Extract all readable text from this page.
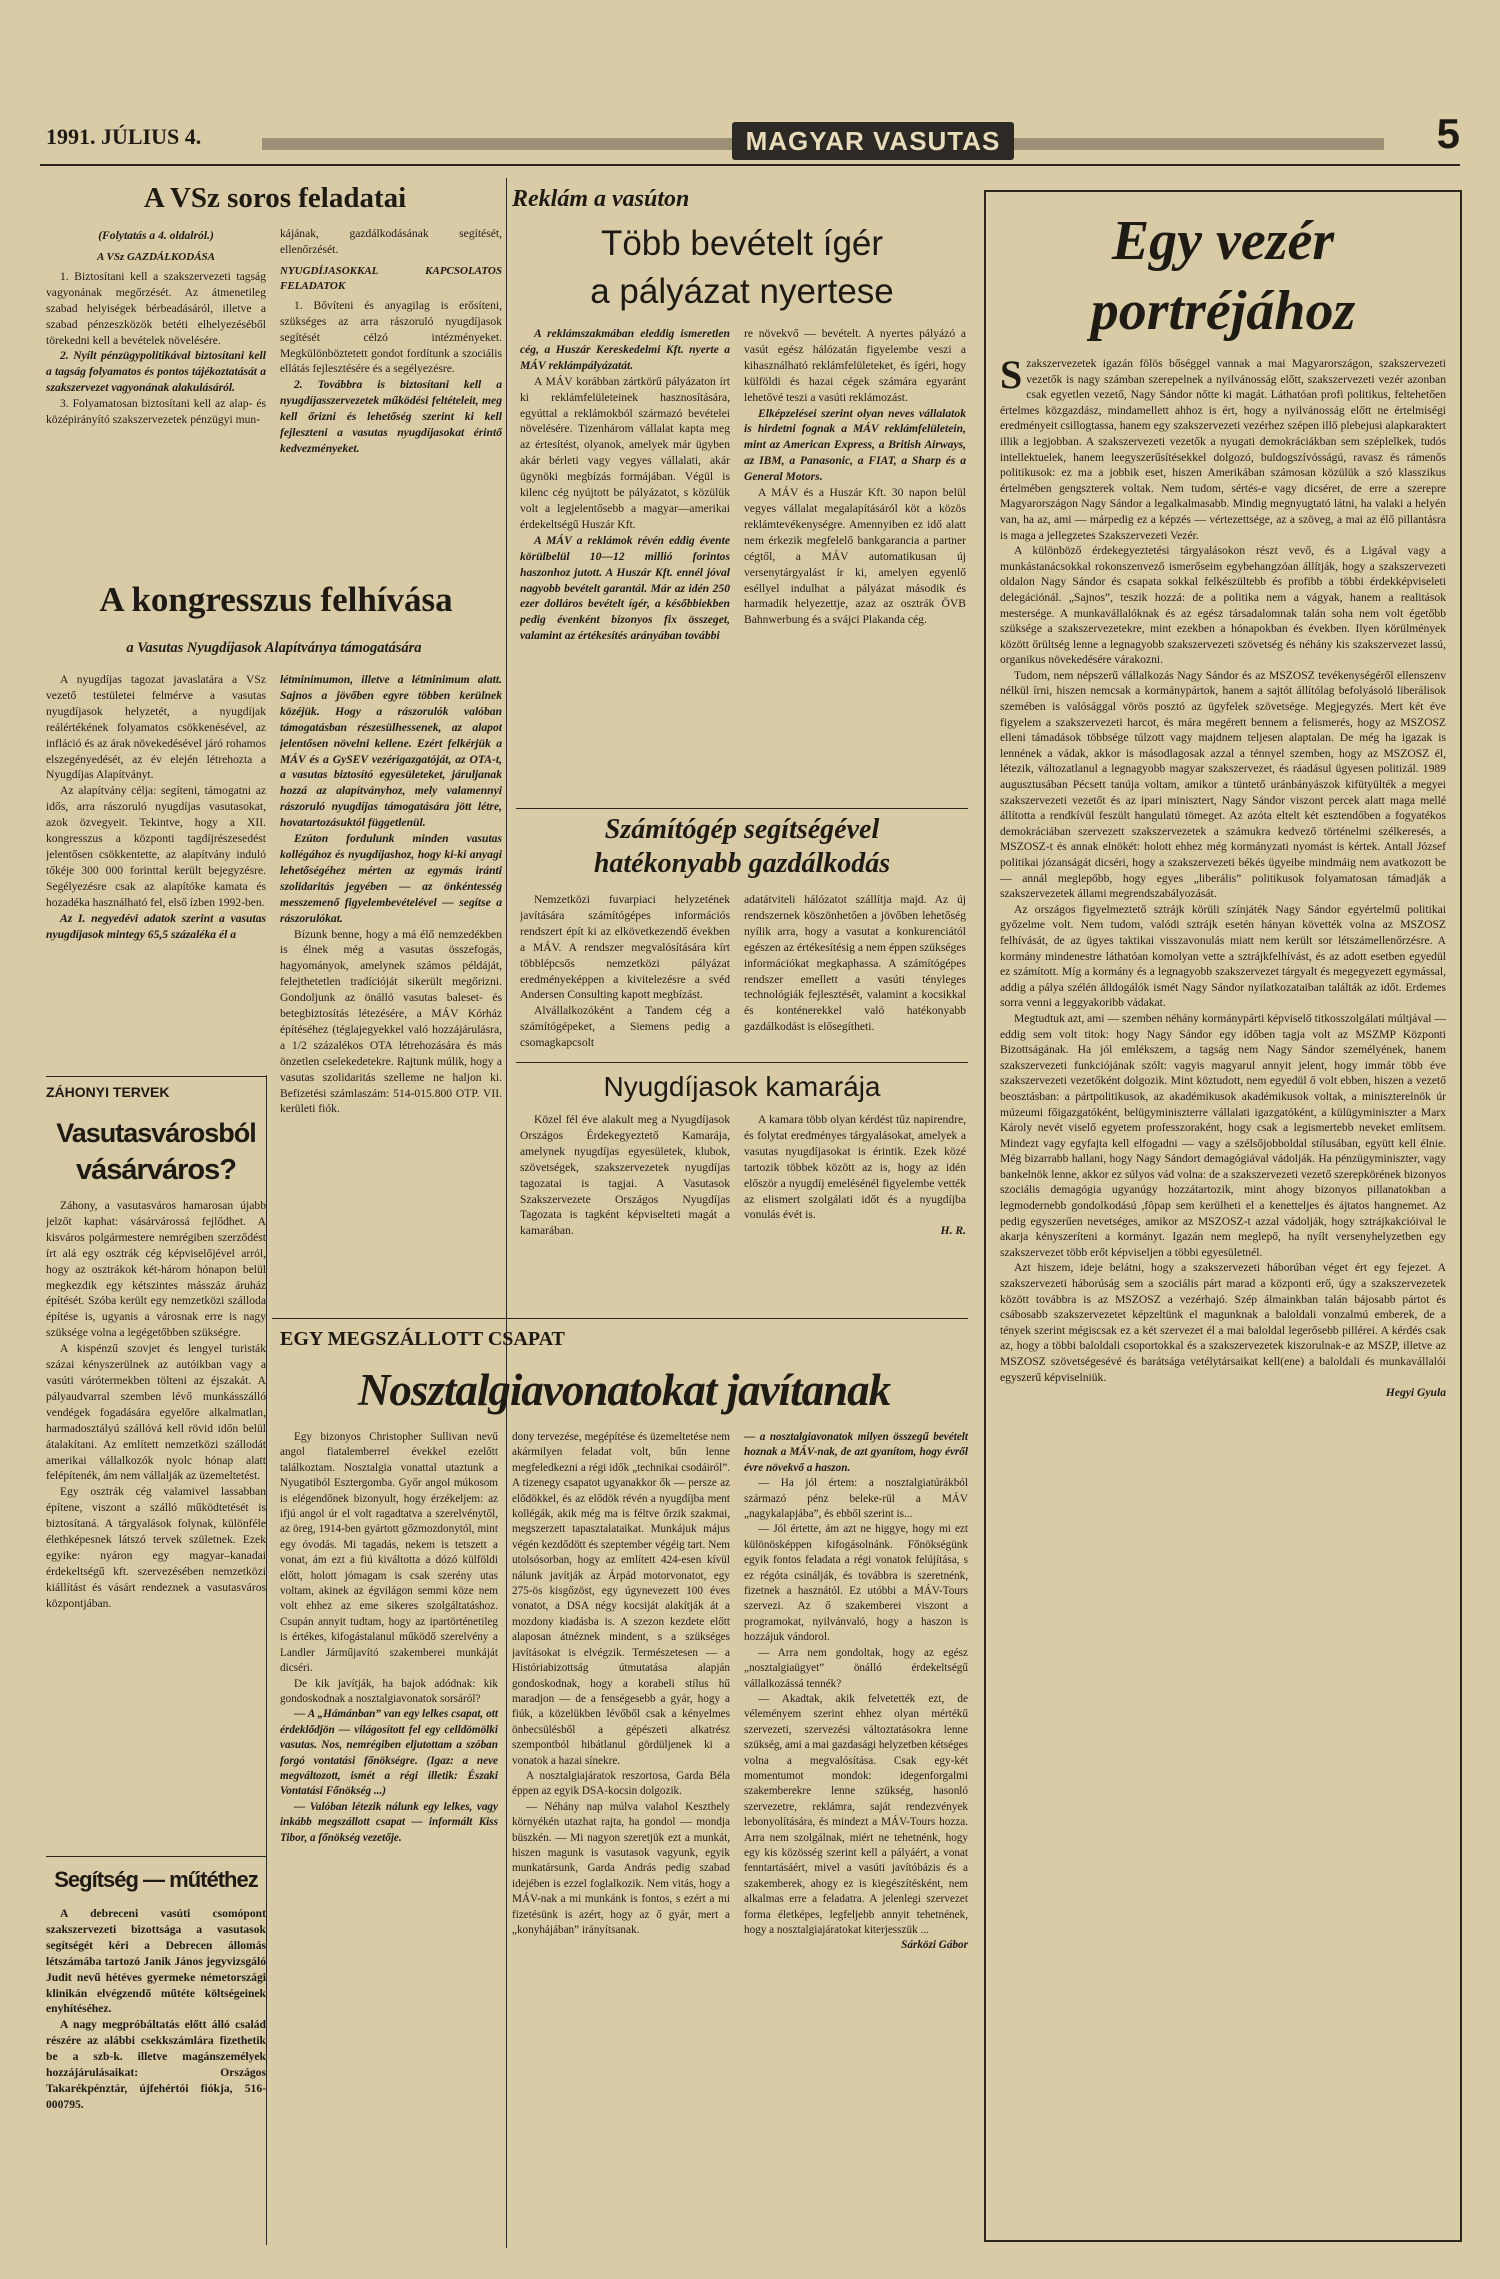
1991. JÚLIUS 4.	MAGYAR VASUTAS	5
A VSz soros feladatai
(Folytatás a 4. oldalról.)
A VSz GAZDÁLKODÁSA

1. Biztosítani kell a szakszervezeti tagság vagyonának megőrzését. Az átmenetileg szabad helyiségek bérbeadásáról, illetve a szabad pénzeszközök betéti elhelyezéséből törekedni kell a bevételek növelésére.

2. Nyílt pénzügypolitikával biztosítani kell a tagság folyamatos és pontos tájékoztatását a szakszervezet vagyonának alakulásáról.

3. Folyamatosan biztosítani kell az alap- és középirányító szakszervezetek pénzügyi mun-

kájának, gazdálkodásának segítését, ellenőrzését.

NYUGDÍJASOKKAL KAPCSOLATOS FELADATOK

1. Bővíteni és anyagilag is erősíteni, szükséges az arra rászoruló nyugdíjasok segítését célzó intézményeket. Megkülönböztetett gondot fordítunk a szociális ellátás fejlesztésére és a segélyezésre.

2. Továbbra is biztosítani kell a nyugdíjasszervezetek működési feltételeit, meg kell őrizni és lehetőség szerint ki kell fejleszteni a vasutas nyugdíjasokat érintő kedvezményeket.

A kongresszus felhívása
a Vasutas Nyugdíjasok Alapítványa támogatására

A nyugdíjas tagozat javaslatára a VSz vezető testületei felmérve a vasutas nyugdíjasok helyzetét, a nyugdíjak reálértékének folyamatos csökkenésével, az infláció és az árak növekedésével járó rohamos elszegényedését, az év elején létrehozta a Nyugdíjas Alapítványt.

Az alapítvány célja: segíteni, támogatni az idős, arra rászoruló nyugdíjas vasutasokat, azok özvegyeit. Tekintve, hogy a XII. kongresszus a központi tagdíjrészesedést jelentősen csökkentette, az alapítvány induló tőkéje 300 000 forinttal került bejegyzésre. Segélyezésre csak az alapítóke kamata és hozadéka használható fel, első ízben 1992-ben.

Az I. negyedévi adatok szerint a vasutas nyugdíjasok mintegy 65,5 százaléka él a

létminimumon, illetve a létminimum alatt. Sajnos a jövőben egyre többen kerülnek közéjük. Hogy a rászorulók valóban támogatásban részesülhessenek, az alapot jelentősen növelni kellene. Ezért felkérjük a MÁV és a GySEV vezérigazgatóját, az OTA-t, a vasutas biztosító egyesületeket, járuljanak hozzá az alapítványhoz, mely valamennyi rászoruló nyugdíjas támogatására jött létre, hovatartozásuktól függetlenül.

Ezúton fordulunk minden vasutas kollégához és nyugdíjashoz, hogy ki-ki anyagi lehetőségéhez mérten az egymás iránti szolidaritás jegyében — az önkéntesség messzemenő figyelembevételével — segítse a rászorulókat.

Bízunk benne, hogy a má élő nemzedékben is élnek még a vasutas összefogás, hagyományok, amelynek számos példáját, felejthetetlen tradícióját sikerült megőrizni. Gondoljunk az önálló vasutas baleset- és betegbiztosítás létezésére, a MÁV Kórház építéséhez (téglajegyekkel való hozzájárulásra, a 1/2 százalékos OTA létrehozására és más önzetlen cselekedetekre. Rajtunk múlik, hogy a vasutas szolidaritás szelleme ne haljon ki. Befizetési számlaszám: 514-015.800 OTP. VII. kerületi fiók.

ZÁHONYI TERVEK
Vasutasvárosból
vásárváros?

Záhony, a vasutasváros hamarosan újabb jelzőt kaphat: vásárvárossá fejlődhet. A kisváros polgármestere nemrégiben szerződést írt alá egy osztrák cég képviselőjével arról, hogy az osztrákok két-három hónapon belül megkezdik egy kétszintes másszáz áruház építését. Szóba került egy nemzetközi szálloda építése is, ugyanis a városnak erre is nagy szüksége volna a legégetőbben szükségre.

A kispénzű szovjet és lengyel turisták százai kényszerülnek az autóikban vagy a vasúti várótermekben tölteni az éjszakát. A pályaudvarral szemben lévő munkásszálló vendégek fogadására egyelőre alkalmatlan, harmadosztályú szállóvá kell rövid időn belül átalakítani. Az említett nemzetközi szállodát amerikai vállalkozók nyolc hónap alatt felépítenék, ám nem vállalják az üzemeltetést.

Egy osztrák cég valamivel lassabban építene, viszont a szálló működtetését is biztosítaná. A tárgyalások folynak, különféle élethképesnek látszó tervek születnek. Ezek egyike: nyáron egy magyar–kanadai érdekeltségű kft. szervezésében nemzetközi kiállítást és vásárt rendeznek a vasutasváros központjában.

Segítség — műtéthez

A debreceni vasúti csomópont szakszervezeti bizottsága a vasutasok segítségét kéri a Debrecen állomás létszámába tartozó Janik János jegyvizsgáló Judit nevű hétéves gyermeke németországi klinikán elvégzendő műtéte költségeinek enyhítéséhez.

A nagy megpróbáltatás előtt álló család részére az alábbi csekkszámlára fizethetik be a szb-k. illetve magánszemélyek hozzájárulásaikat: Országos Takarékpénztár, újfehértói fiókja, 516-000795.

Reklám a vasúton
Több bevételt ígér
a pályázat nyertese

A reklámszakmában eleddig ismeretlen cég, a Huszár Kereskedelmi Kft. nyerte a MÁV reklámpályázatát.

A MÁV korábban zártkörű pályázaton írt ki reklámfelületeinek hasznosítására, egyúttal a reklámokból származó bevételei növelésére. Tizenhárom vállalat kapta meg az értesítést, olyanok, amelyek már ügyben akár bérleti vagy vegyes vállalati, akár ügynöki megbízás formájában. Végül is kilenc cég nyújtott be pályázatot, s közülük volt a legjelentősebb a magyar—amerikai érdekeltségű Huszár Kft.

A MÁV a reklámok révén eddig évente körülbelül 10—12 millió forintos haszonhoz jutott. A Huszár Kft. ennél jóval nagyobb bevételt garantál. Már az idén 250 ezer dolláros bevételt ígér, a későbbiekben pedig évenként bizonyos fix összeget, valamint az értékesítés arányában további

re növekvő — bevételt. A nyertes pályázó a vasút egész hálózatán figyelembe veszi a kihasználható reklámfelületeket, és ígéri, hogy külföldi és hazai cégek számára egyaránt lehetővé teszi a vasúti reklámozást.

Elképzelései szerint olyan neves vállalatok is hirdetni fognak a MÁV reklámfelületein, mint az American Express, a British Airways, az IBM, a Panasonic, a FIAT, a Sharp és a General Motors.

A MÁV és a Huszár Kft. 30 napon belül vegyes vállalat megalapításáról köt a közös reklámtevékenységre. Amennyiben ez idő alatt nem érkezik megfelelő bankgarancia a partner cégtől, a MÁV automatikusan új versenytárgyalást ír ki, amelyen egyenlő eséllyel indulhat a pályázat második és harmadik helyezettje, azaz az osztrák ÖVB Bahnwerbung és a svájci Plakanda cég.

Számítógép segítségével
hatékonyabb gazdálkodás

Nemzetközi fuvarpiaci helyzetének javítására számítógépes információs rendszert épít ki az elkövetkezendő években a MÁV. A rendszer megvalósítására kírt többlépcsős nemzetközi pályázat eredményeképpen a kivitelezésre a svéd Andersen Consulting kapott megbízást.

Alvállalkozóként a Tandem cég a számítógépeket, a Siemens pedig a csomagkapcsolt

adatátviteli hálózatot szállítja majd. Az új rendszernek köszönhetően a jövőben lehetőség nyílik arra, hogy a vasutat a konkurenciától egészen az értékesítésig a nem éppen szükséges információkat megkaphassa. A számítógépes rendszer emellett a vasúti tényleges technológiák fejlesztését, valamint a kocsikkal és konténerekkel való hatékonyabb gazdálkodást is elősegítheti.

Nyugdíjasok kamarája

Közel fél éve alakult meg a Nyugdíjasok Országos Érdekegyeztető Kamarája, amelynek nyugdíjas egyesületek, klubok, szövetségek, szakszervezetek nyugdíjas tagozatai is tagjai. A Vasutasok Szakszervezete Országos Nyugdíjas Tagozata is tagként képviselteti magát a kamarában.

A kamara több olyan kérdést tűz napirendre, és folytat eredményes tárgyalásokat, amelyek a vasutas nyugdíjasokat is érintik. Ezek közé tartozik többek között az is, hogy az idén először a nyugdíj emelésénél figyelembe vették az elismert szolgálati időt és a nyugdíjba vonulás évét is.

H. R.
EGY MEGSZÁLLOTT CSAPAT
Nosztalgiavonatokat javítanak

Egy bizonyos Christopher Sullivan nevű angol fiatalemberrel évekkel ezelőtt találkoztam. Nosztalgia vonattal utaztunk a Nyugatiból Esztergomba. Győr angol múkosom is elégendőnek bizonyult, hogy érzékeljem: az ifjú angol úr el volt ragadtatva a szerelvénytől, az öreg, 1914-ben gyártott gőzmozdonytól, mint egy óvodás. Mi tagadás, nekem is tetszett a vonat, ám ezt a fiú kiváltotta a dózó külföldi előtt, holott jómagam is csak szerény utas voltam, akinek az égvilágon semmi köze nem volt ehhez az eme sikeres szolgáltatáshoz. Csupán annyit tudtam, hogy az ipartörténetileg is értékes, kifogástalanul működő szerelvény a Landler Járműjavító szakemberei munkáját dicséri.

De kik javítják, ha bajok adódnak: kik gondoskodnak a nosztalgiavonatok sorsáról?

— A „Hámánban” van egy lelkes csapat, ott érdeklődjön — világosított fel egy celldömölki vasutas. Nos, nemrégiben eljutottam a szóban forgó vontatási főnökségre. (Igaz: a neve megváltozott, ismét a régi illetik: Északi Vontatási Főnökség ...)

— Valóban létezik nálunk egy lelkes, vagy inkább megszállott csapat — informált Kiss Tibor, a főnökség vezetője.

dony tervezése, megépítése és üzemeltetése nem akármilyen feladat volt, bűn lenne megfeledkezni a régi idők „technikai csodáiról”. A tizenegy csapatot ugyanakkor ők — persze az elődökkel, és az elődök révén a nyugdíjba ment kollégák, akik még ma is féltve őrzik szakmai, megszerzett tapasztalataikat. Munkájuk május végén kezdődött és szeptember végéig tart. Nem utolsósorban, hogy az említett 424-esen kívül nálunk javítják az Árpád motorvonatot, egy 275-ös kisgőzöst, egy úgynevezett 100 éves vonatot, a DSA négy kocsiját alakítják át a mozdony kiadásba is. A szezon kezdete előtt alaposan átnéznek mindent, s a szükséges javításokat is elvégzik. Természetesen — a Históriabizottság útmutatása alapján gondoskodnak, hogy a korabeli stílus hű maradjon — de a fenségesebb a gyár, hogy a fiúk, a közelükben lévőből csak a kényelmes önbecsülésből a gépészeti alkatrész szempontból hibátlanul gördüljenek ki a vonatok a hazai sínekre.

A nosztalgiajáratok reszortosa, Garda Béla éppen az egyik DSA-kocsin dolgozik.

— Néhány nap múlva valahol Keszthely környékén utazhat rajta, ha gondol — mondja büszkén. — Mi nagyon szeretjük ezt a munkát, hiszen magunk is vasutasok vagyunk, egyik munkatársunk, Garda András pedig szabad idejében is ezzel foglalkozik. Nem vitás, hogy a MÁV-nak a mi munkánk is fontos, s ezért a mi fizetésünk is azért, hogy az ő gyár, mert a „konyhájában” irányítsanak.

— a nosztalgiavonatok milyen összegű bevételt hoznak a MÁV-nak, de azt gyanítom, hogy évről évre növekvő a haszon.

— Ha jól értem: a nosztalgiatúrákból származó pénz beleke-rül a MÁV „nagykalapjába”, és ebből szerint is...

— Jól értette, ám azt ne higgye, hogy mi ezt különösképpen kifogásolnánk. Főnökségünk egyik fontos feladata a régi vonatok felújítása, s ez régóta csinálják, és továbbra is szeretnénk, fizetnek a hasznától. Ez utóbbi a MÁV-Tours szervezi. Az ő szakemberei viszont a programokat, nyilvánvaló, hogy a haszon is hozzájuk vándorol.

— Arra nem gondoltak, hogy az egész „nosztalgiaügyet” önálló érdekeltségű vállalkozássá tennék?

— Akadtak, akik felvetették ezt, de véleményem szerint ehhez olyan mértékű szervezeti, szervezési változtatásokra lenne szükség, ami a mai gazdasági helyzetben kétséges volna a megvalósítása. Csak egy-két momentumot mondok: idegenforgalmi szakemberekre lenne szükség, hasonló szervezetre, reklámra, saját rendezvények lebonyolítására, és mindezt a MÁV-Tours hozza. Arra nem szolgálnak, miért ne tehetnénk, hogy egy kis közösség szerint kell a pályáért, a vonat fenntartásáért, mivel a vasúti javítóbázis és a szakemberek, ahogy ez is kiegészítésként, nem alkalmas erre a feladatra. A jelenlegi szervezet forma életképes, legfeljebb annyit tehetnének, hogy a nosztalgiajáratokat kiterjesszük ...

Sárközi Gábor
Egy vezér
portréjához

Szakszervezetek igazán fölös bőséggel vannak a mai Magyarországon, szakszervezeti vezetők is nagy számban szerepelnek a nyilvánosság előtt, szakszervezeti vezér azonban csak egyetlen vezető, Nagy Sándor nőtte ki magát. Láthatóan profi politikus, feltehetően értelmes közgazdász, mindamellett ahhoz is ért, hogy a nyilvánosság előtt ne értelmiségi eredményeit csillogtassa, hanem egy szakszervezeti vezérhez szépen illő plebejusi alapkaraktert illik a legjobban. A szakszervezeti vezetők a nyugati demokráciákban sem széplelkek, tudós intellektuelek, hanem leegyszerűsítésekkel dolgozó, buldogszívósságú, ravasz és rámenős politikusok: ez ma a jobbik eset, hiszen Amerikában számosan közülük a szó klasszikus értelmében gengszterek voltak. Nem tudom, sértés-e vagy dicséret, de erre a szerepre Magyarországon Nagy Sándor a legalkalmasabb. Mindig megnyugtató látni, ha valaki a helyén van, ha az, ami — márpedig ez a képzés — vértezettsége, az a szöveg, a mai az élő pillantásra is maga a jellegzetes Szakszervezeti Vezér.

A különböző érdekegyeztetési tárgyalásokon részt vevő, és a Ligával vagy a munkástanácsokkal rokonszenvező ismerőseim egybehangzóan állítják, hogy a szakszervezeti oldalon Nagy Sándor és csapata sokkal felkészültebb és profibb a többi érdekképviseleti delegációnál. „Sajnos”, teszik hozzá: de a politika nem a vágyak, hanem a realitások mestersége. A munkavállalóknak és az egész társadalomnak talán soha nem volt égetőbb szüksége a szakszervezetekre, mint ezekben a hónapokban és években. Ilyen körülmények között őrültség lenne a legnagyobb szakszervezeti szövetség és néhány kis szakszervezet lassú, organikus növekedésére várakozni.

Tudom, nem népszerű vállalkozás Nagy Sándor és az MSZOSZ tevékenységéről ellenszenv nélkül írni, hiszen nemcsak a kormánypártok, hanem a sajtót állítólag befolyásoló liberálisok szemében is valósággal vörös posztó az ügyfelek szövetsége. Megjegyzés. Mert két éve figyelem a szakszervezeti harcot, és mára megérett bennem a felismerés, hogy az MSZOSZ elleni támadások többsége túlzott vagy majdnem teljesen alaptalan. De még ha igazak is lennének a vádak, akkor is másodlagosak azzal a ténnyel szemben, hogy az MSZOSZ él, létezik, változatlanul a legnagyobb magyar szakszervezet, és ráadásul ügyesen politizál. 1989 augusztusában Pécsett tanúja voltam, amikor a tüntető uránbányászok kifütyülték a megyei szakszervezeti vezetőt és az ipari minisztert, Nagy Sándor viszont percek alatt maga mellé állította a rendkívül feszült hangulatú tömeget. Az azóta eltelt két esztendőben a fogyatékos demokráciában szervezett szakszervezetek a számukra kedvező történelmi szélkeresés, a MSZOSZ-t és annak elnökét: holott ehhez még kormányzati nyomást is kértek. Antall József politikai józanságát dicséri, hogy a szakszervezeti békés ügyeibe mindmáig nem avatkozott be — annál meglepőbb, hogy egyes „liberális” politikusok folyamatosan támadják a szakszervezetek állami megrendszabályozását.

Az országos figyelmeztető sztrájk körüli színjáték Nagy Sándor egyértelmű politikai győzelme volt. Nem tudom, valódi sztrájk esetén hányan követték volna az MSZOSZ felhívását, de az ügyes taktikai visszavonulás miatt nem került sor létszámellenőrzésre. A kormány mindenestre láthatóan komolyan vette a sztrájkfelhívást, és az adott esetben egyedül ez számított. Míg a kormány és a legnagyobb szakszervezet tárgyalt és megegyezett egymással, addig a pálya szélén álldogálók ismét Nagy Sándor nyilatkozataiban találták az időt. Erdemes sorra venni a leggyakoribb vádakat.

Megtudtuk azt, ami — szemben néhány kormánypárti képviselő titkosszolgálati múltjával — eddig sem volt titok: hogy Nagy Sándor egy időben tagja volt az MSZMP Központi Bizottságának. Ha jól emlékszem, a tagság nem Nagy Sándor személyének, hanem szakszervezeti funkciójának szólt: vagyis magyarul annyit jelent, hogy immár több éve szakszervezeti vezetőként dolgozik. Mint köztudott, nem egyedül ő volt ebben, hiszen a vezető beosztásban: a pártpolitikusok, az akadémikusok akadémikusok voltak, a miniszterelnök úr múzeumi főigazgatóként, belügyminiszterre vállalati igazgatóként, a külügyminiszter a Marx Károly nevét viselő egyetem professzoraként, hogy csak a legismertebb neveket említsem. Mindezt vagy egyfajta kell elfogadni — vagy a szélsőjobboldal stílusában, együtt kell élnie. Még bizarrabb hallani, hogy Nagy Sándort demagógiával vádolják. Ha pénzügyminiszter, vagy bankelnök lenne, akkor ez súlyos vád volna: de a szakszervezeti vezető szerepkörének bizonyos szociális demagógia ugyanúgy hozzátartozik, mint ahogy bizonyos pillanatokban a legmodernebb gondolkodású ,fôpap sem kerülheti el a kenetteljes és ájtatos hangnemet. Az pedig egyszerűen nevetséges, amikor az MSZOSZ-t azzal vádolják, hogy sztrájkakcióival le akarja kényszeríteni a kormányt. Igazán nem meglepő, ha nyílt versenyhelyzetben egy szakszervezet több erőt képviseljen a többi egyesületnél.

Azt hiszem, ideje belátni, hogy a szakszervezeti háborúban véget ért egy fejezet. A szakszervezeti háborúság sem a szociális párt marad a központi erő, úgy a szakszervezetek között továbbra is az MSZOSZ a vezérhajó. Szép álmainkban talán bájosabb pártot és csábosabb szakszervezetet képzeltünk el magunknak a baloldali vonzalmú emberek, de a tények szerint mégiscsak ez a két szervezet él a mai baloldal legerősebb pillérei. A kérdés csak az, hogy a többi baloldali csoportokkal és a szakszervezetek kiszorulnak-e az MSZP, illetve az MSZOSZ szövetségesévé és barátsága vetélytársaikat kell(ene) a baloldali és munkavállalói egyszerű képviselniük.

Hegyi Gyula
